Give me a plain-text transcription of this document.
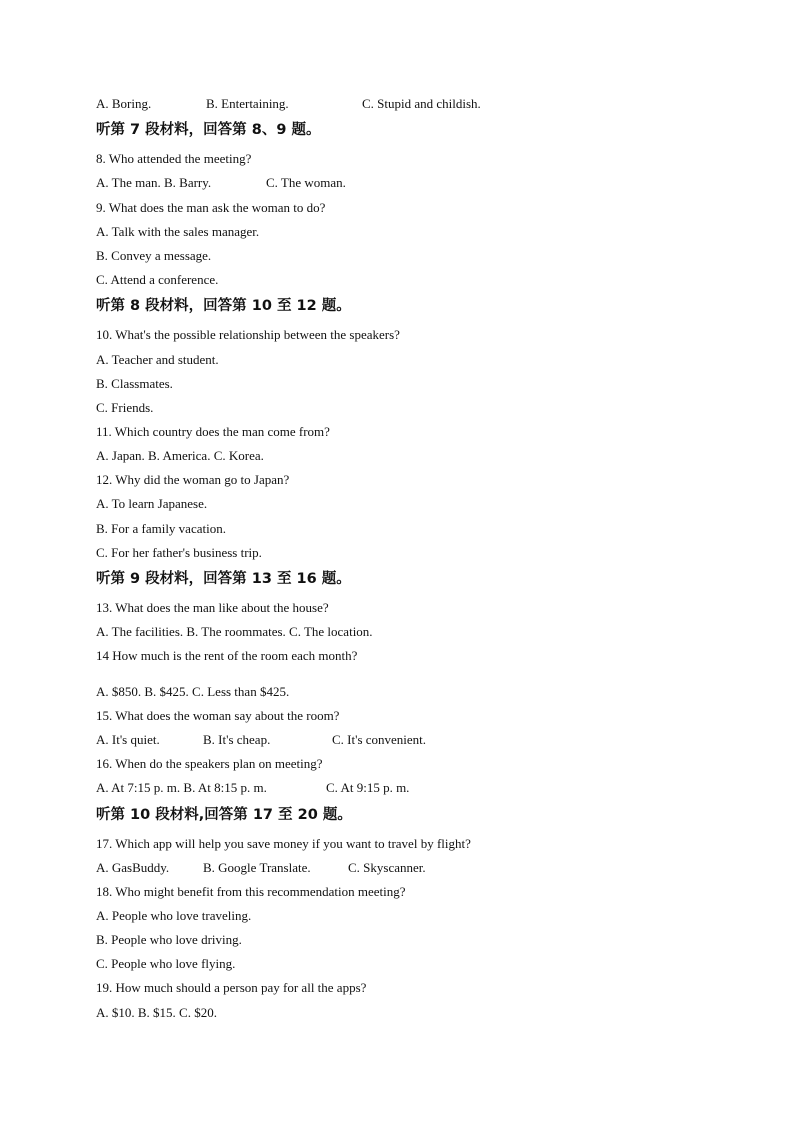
A. Boring.	B. Entertaining.	C. Stupid and childish.
听第 7 段材料，回答第 8、9 题。
8. Who attended the meeting?
A. The man. B. Barry.	C. The woman.
9. What does the man ask the woman to do?
A. Talk with the sales manager.
B. Convey a message.
C. Attend a conference.
听第 8 段材料，回答第 10 至 12 题。
10. What's the possible relationship between the speakers?
A. Teacher and student.
B. Classmates.
C. Friends.
11. Which country does the man come from?
A. Japan. B. America. C. Korea.
12. Why did the woman go to Japan?
A. To learn Japanese.
B. For a family vacation.
C. For her father's business trip.
听第 9 段材料，回答第 13 至 16 题。
13. What does the man like about the house?
A. The facilities. B. The roommates. C. The location.
14 How much is the rent of the room each month?
A. $850. B. $425. C. Less than $425.
15. What does the woman say about the room?
A. It's quiet.	B. It's cheap.	C. It's convenient.
16. When do the speakers plan on meeting?
A. At 7:15 p. m. B. At 8:15 p. m.	C. At 9:15 p. m.
听第 10 段材料,回答第 17 至 20 题。
17. Which app will help you save money if you want to travel by flight?
A. GasBuddy.	B. Google Translate.	C. Skyscanner.
18. Who might benefit from this recommendation meeting?
A. People who love traveling.
B. People who love driving.
C. People who love flying.
19. How much should a person pay for all the apps?
A. $10. B. $15. C. $20.
